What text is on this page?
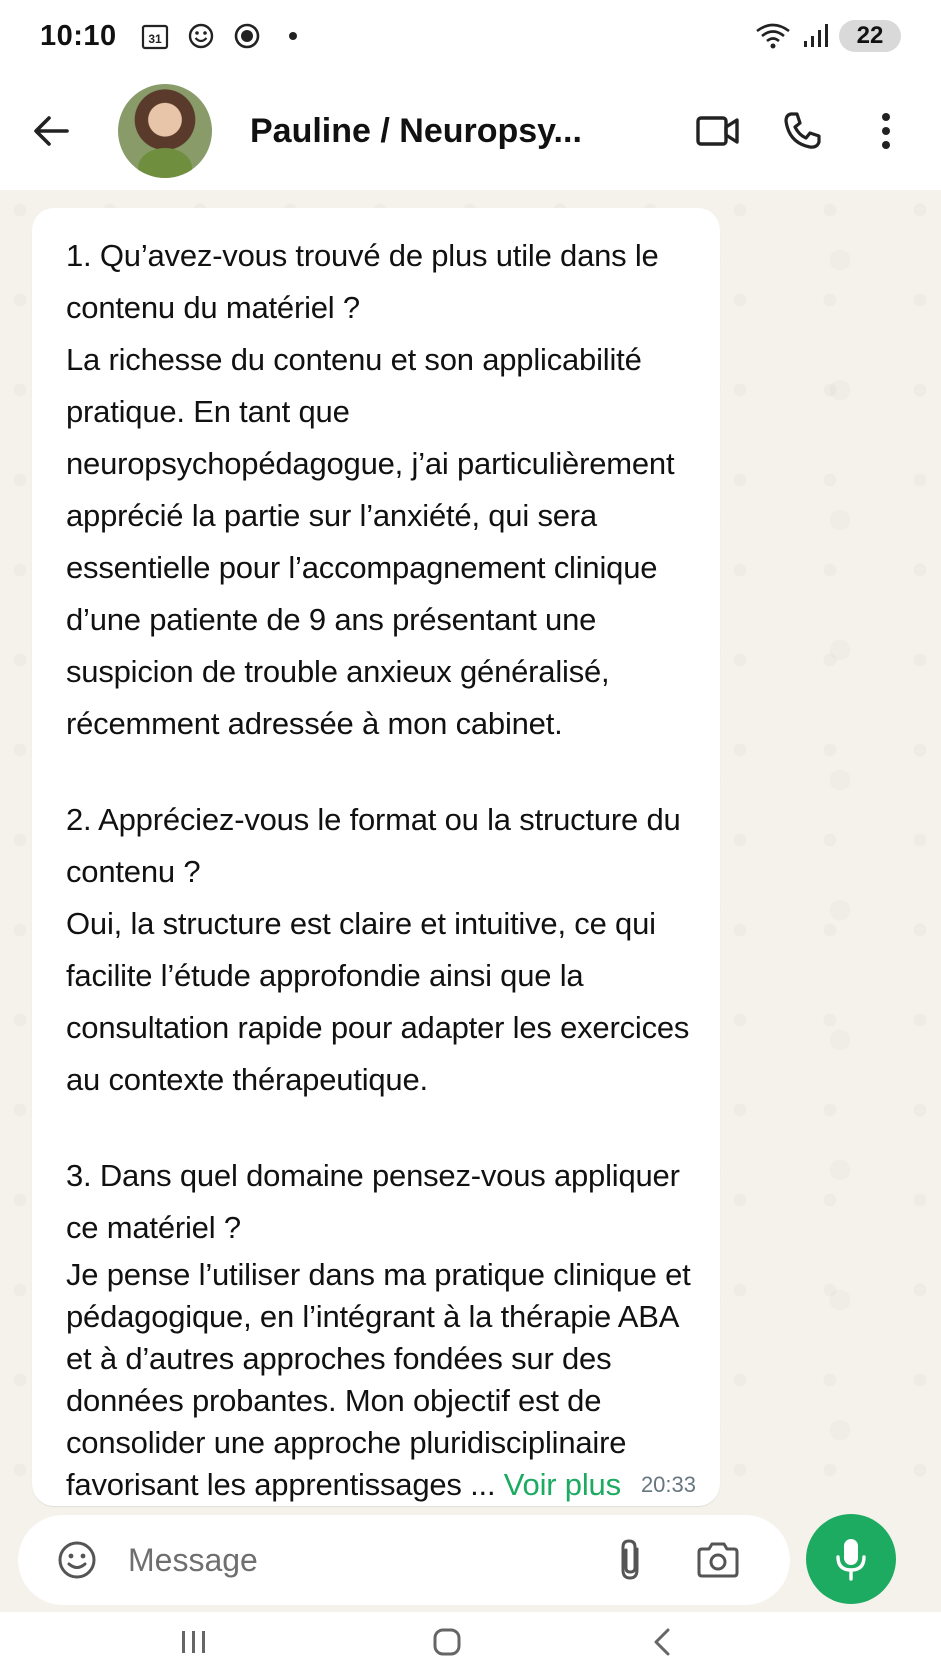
10:10	31	22
Pauline / Neuropsy...

1. Qu’avez-vous trouvé de plus utile dans le contenu du matériel ?

La richesse du contenu et son applicabilité pratique. En tant que neuropsychopédagogue, j’ai particulièrement apprécié la partie sur l’anxiété, qui sera essentielle pour l’accompagnement clinique d’une patiente de 9 ans présentant une suspicion de trouble anxieux généralisé, récemment adressée à mon cabinet.

2. Appréciez-vous le format ou la structure du contenu ?

Oui, la structure est claire et intuitive, ce qui facilite l’étude approfondie ainsi que la consultation rapide pour adapter les exercices au contexte thérapeutique.

3. Dans quel domaine pensez-vous appliquer ce matériel ?

Je pense l’utiliser dans ma pratique clinique et pédagogique, en l’intégrant à la thérapie ABA et à d’autres approches fondées sur des données probantes. Mon objectif est de consolider une approche pluridisciplinaire favorisant les apprentissages ... Voir plus 20:33
Message
